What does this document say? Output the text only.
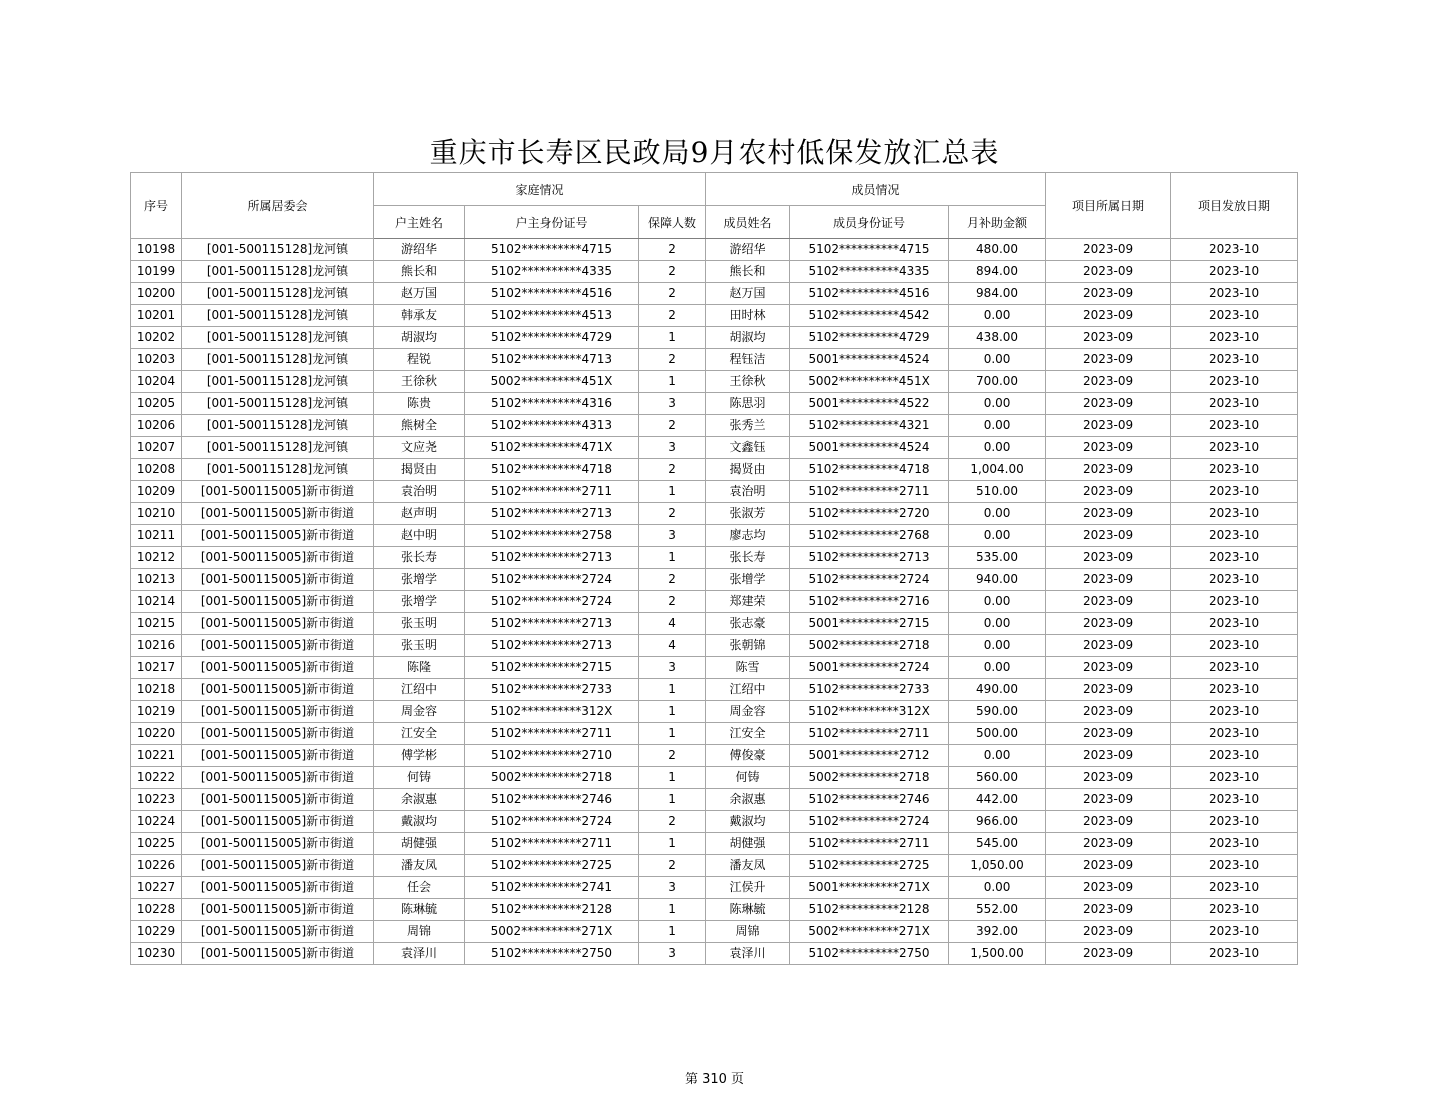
重庆市长寿区民政局9月农村低保发放汇总表
序号	所属居委会	家庭情况			成员情况			项目所属日期	项目发放日期
		户主姓名	户主身份证号	保障人数	成员姓名	成员身份证号	月补助金额		
10198	[001-500115128]龙河镇	游绍华	5102**********4715	2	游绍华	5102**********4715	480.00	2023-09	2023-10
10199	[001-500115128]龙河镇	熊长和	5102**********4335	2	熊长和	5102**********4335	894.00	2023-09	2023-10
10200	[001-500115128]龙河镇	赵万国	5102**********4516	2	赵万国	5102**********4516	984.00	2023-09	2023-10
10201	[001-500115128]龙河镇	韩承友	5102**********4513	2	田时林	5102**********4542	0.00	2023-09	2023-10
10202	[001-500115128]龙河镇	胡淑均	5102**********4729	1	胡淑均	5102**********4729	438.00	2023-09	2023-10
10203	[001-500115128]龙河镇	程锐	5102**********4713	2	程钰洁	5001**********4524	0.00	2023-09	2023-10
10204	[001-500115128]龙河镇	王徐秋	5002**********451X	1	王徐秋	5002**********451X	700.00	2023-09	2023-10
10205	[001-500115128]龙河镇	陈贵	5102**********4316	3	陈思羽	5001**********4522	0.00	2023-09	2023-10
10206	[001-500115128]龙河镇	熊树全	5102**********4313	2	张秀兰	5102**********4321	0.00	2023-09	2023-10
10207	[001-500115128]龙河镇	文应尧	5102**********471X	3	文鑫钰	5001**********4524	0.00	2023-09	2023-10
10208	[001-500115128]龙河镇	揭贤由	5102**********4718	2	揭贤由	5102**********4718	1,004.00	2023-09	2023-10
10209	[001-500115005]新市街道	袁治明	5102**********2711	1	袁治明	5102**********2711	510.00	2023-09	2023-10
10210	[001-500115005]新市街道	赵声明	5102**********2713	2	张淑芳	5102**********2720	0.00	2023-09	2023-10
10211	[001-500115005]新市街道	赵中明	5102**********2758	3	廖志均	5102**********2768	0.00	2023-09	2023-10
10212	[001-500115005]新市街道	张长寿	5102**********2713	1	张长寿	5102**********2713	535.00	2023-09	2023-10
10213	[001-500115005]新市街道	张增学	5102**********2724	2	张增学	5102**********2724	940.00	2023-09	2023-10
10214	[001-500115005]新市街道	张增学	5102**********2724	2	郑建荣	5102**********2716	0.00	2023-09	2023-10
10215	[001-500115005]新市街道	张玉明	5102**********2713	4	张志豪	5001**********2715	0.00	2023-09	2023-10
10216	[001-500115005]新市街道	张玉明	5102**********2713	4	张朝锦	5002**********2718	0.00	2023-09	2023-10
10217	[001-500115005]新市街道	陈隆	5102**********2715	3	陈雪	5001**********2724	0.00	2023-09	2023-10
10218	[001-500115005]新市街道	江绍中	5102**********2733	1	江绍中	5102**********2733	490.00	2023-09	2023-10
10219	[001-500115005]新市街道	周金容	5102**********312X	1	周金容	5102**********312X	590.00	2023-09	2023-10
10220	[001-500115005]新市街道	江安全	5102**********2711	1	江安全	5102**********2711	500.00	2023-09	2023-10
10221	[001-500115005]新市街道	傅学彬	5102**********2710	2	傅俊豪	5001**********2712	0.00	2023-09	2023-10
10222	[001-500115005]新市街道	何铸	5002**********2718	1	何铸	5002**********2718	560.00	2023-09	2023-10
10223	[001-500115005]新市街道	余淑惠	5102**********2746	1	余淑惠	5102**********2746	442.00	2023-09	2023-10
10224	[001-500115005]新市街道	戴淑均	5102**********2724	2	戴淑均	5102**********2724	966.00	2023-09	2023-10
10225	[001-500115005]新市街道	胡健强	5102**********2711	1	胡健强	5102**********2711	545.00	2023-09	2023-10
10226	[001-500115005]新市街道	潘友凤	5102**********2725	2	潘友凤	5102**********2725	1,050.00	2023-09	2023-10
10227	[001-500115005]新市街道	任会	5102**********2741	3	江侯升	5001**********271X	0.00	2023-09	2023-10
10228	[001-500115005]新市街道	陈琳毓	5102**********2128	1	陈琳毓	5102**********2128	552.00	2023-09	2023-10
10229	[001-500115005]新市街道	周锦	5002**********271X	1	周锦	5002**********271X	392.00	2023-09	2023-10
10230	[001-500115005]新市街道	袁泽川	5102**********2750	3	袁泽川	5102**********2750	1,500.00	2023-09	2023-10
第 310 页
